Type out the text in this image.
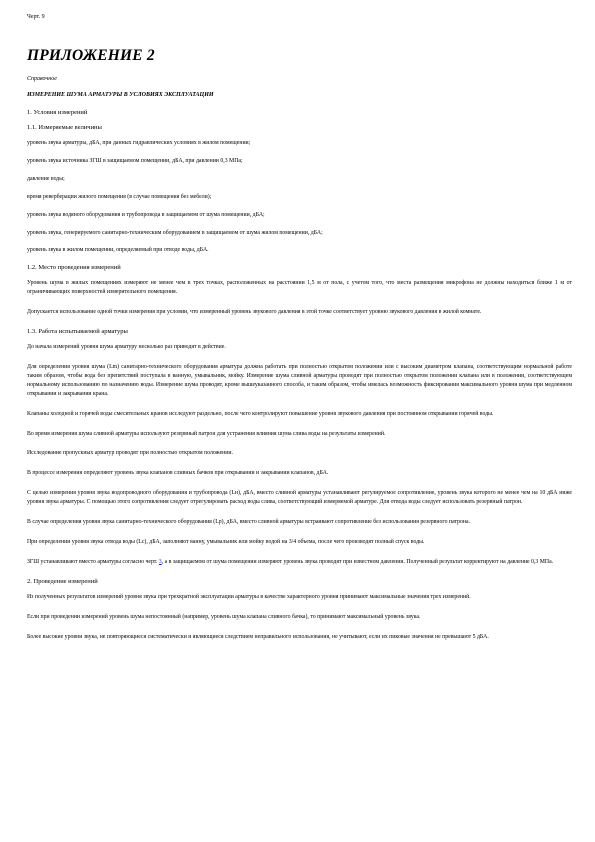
Черт. 9
ПРИЛОЖЕНИЕ 2
Справочное
ИЗМЕРЕНИЕ ШУМА АРМАТУРЫ В УСЛОВИЯХ ЭКСПЛУАТАЦИИ
1. Условия измерений
1.1. Измеряемые величины

уровень звука арматуры, дБА, при данных гидравлических условиях в жилом помещении;

уровень звука источника ЗГШ в защищаемом помещении, дБА, при давлении 0,3 МПа;

давление воды;

время реверберации жилого помещения (в случае помещения без мебели);

уровень звука водяного оборудования и трубопровода в защищаемом от шума помещении, дБА;

уровень звука, генерируемого санитарно-техническим оборудованием в защищаемом от шума жилом помещении, дБА;

уровень звука в жилом помещении, определяемый при отводе воды, дБА.

1.2. Место проведения измерений

Уровень шума в жилых помещениях измеряют не менее чем в трех точках, расположенных на расстоянии 1,5 м от пола, с учетом того, что места размещения микрофона не должны находиться ближе 1 м от ограничивающих поверхностей измерительного помещения.

Допускается использование одной точки измерения при условии, что измеренный уровень звукового давления в этой точке соответствует уровню звукового давления в жилой комнате.

1.3. Работа испытываемой арматуры

До начала измерений уровня шума арматуру несколько раз приводят в действие.

Для определения уровня шума (Lm) санитарно-технического оборудования арматура должна работать при полностью открытом положении или с высоким диаметром клапана, соответствующим нормальной работе таким образом, чтобы вода без препятствий поступала в ванную, умывальник, мойку. Измерение шума сливной арматуры проводят при полностью открытом положении клапана или в положении, соответствующем нормальному использованию по назначению воды. Измерение шума проводят, кроме вышеуказанного способа, и таким образом, чтобы имелась возможность фиксирования максимального уровня шума при медленном открывании и закрывании крана.

Клапаны холодной и горячей воды смесительных кранов исследуют раздельно, после чего контролируют повышение уровня звукового давления при постоянном открывании горячей воды.

Во время измерения шума сливной арматуры используют резервный патрон для устранения влияния шума слива воды на результаты измерений.

Исследование пропускных арматур проводят при полностью открытом положении.

В процессе измерения определяют уровень звука клапанов сливных бачков при открывании и закрывании клапанов, дБА.

С целью измерения уровня звука водопроводного оборудования и трубопровода (Lн), дБА, вместо сливной арматуры устанавливают регулируемое сопротивление, уровень звука которого не менее чем на 10 дБА ниже уровня звука арматуры. С помощью этого сопротивления следует отрегулировать расход воды слива, соответствующий измеряемой арматуре. Для отвода воды следует использовать резервный патрон.

В случае определения уровня звука санитарно-технического оборудования (Lр), дБА, вместо сливной арматуры встраивают сопротивление без использования резервного патрона.

При определении уровня звука отвода воды (Lс), дБА, заполняют ванну, умывальник или мойку водой на 3/4 объема, после чего производят полный спуск воды.

ЗГШ устанавливают вместо арматуры согласно черт. 3, а в защищаемом от шума помещении измеряют уровень звука проводят при известном давлении. Полученный результат корректируют на давление 0,3 МПа.

2. Проведение измерений

Из полученных результатов измерений уровня звука при трехкратной эксплуатации арматуры в качестве характерного уровня принимают максимальные значения трех измерений.

Если при проведении измерений уровень шума непостоянный (например, уровень шума клапана сливного бачка), то принимают максимальный уровень звука.

Более высокие уровни звука, не повторяющиеся систематически и являющиеся следствием неправильного использования, не учитывают, если их пиковые значения не превышают 5 дБА.
